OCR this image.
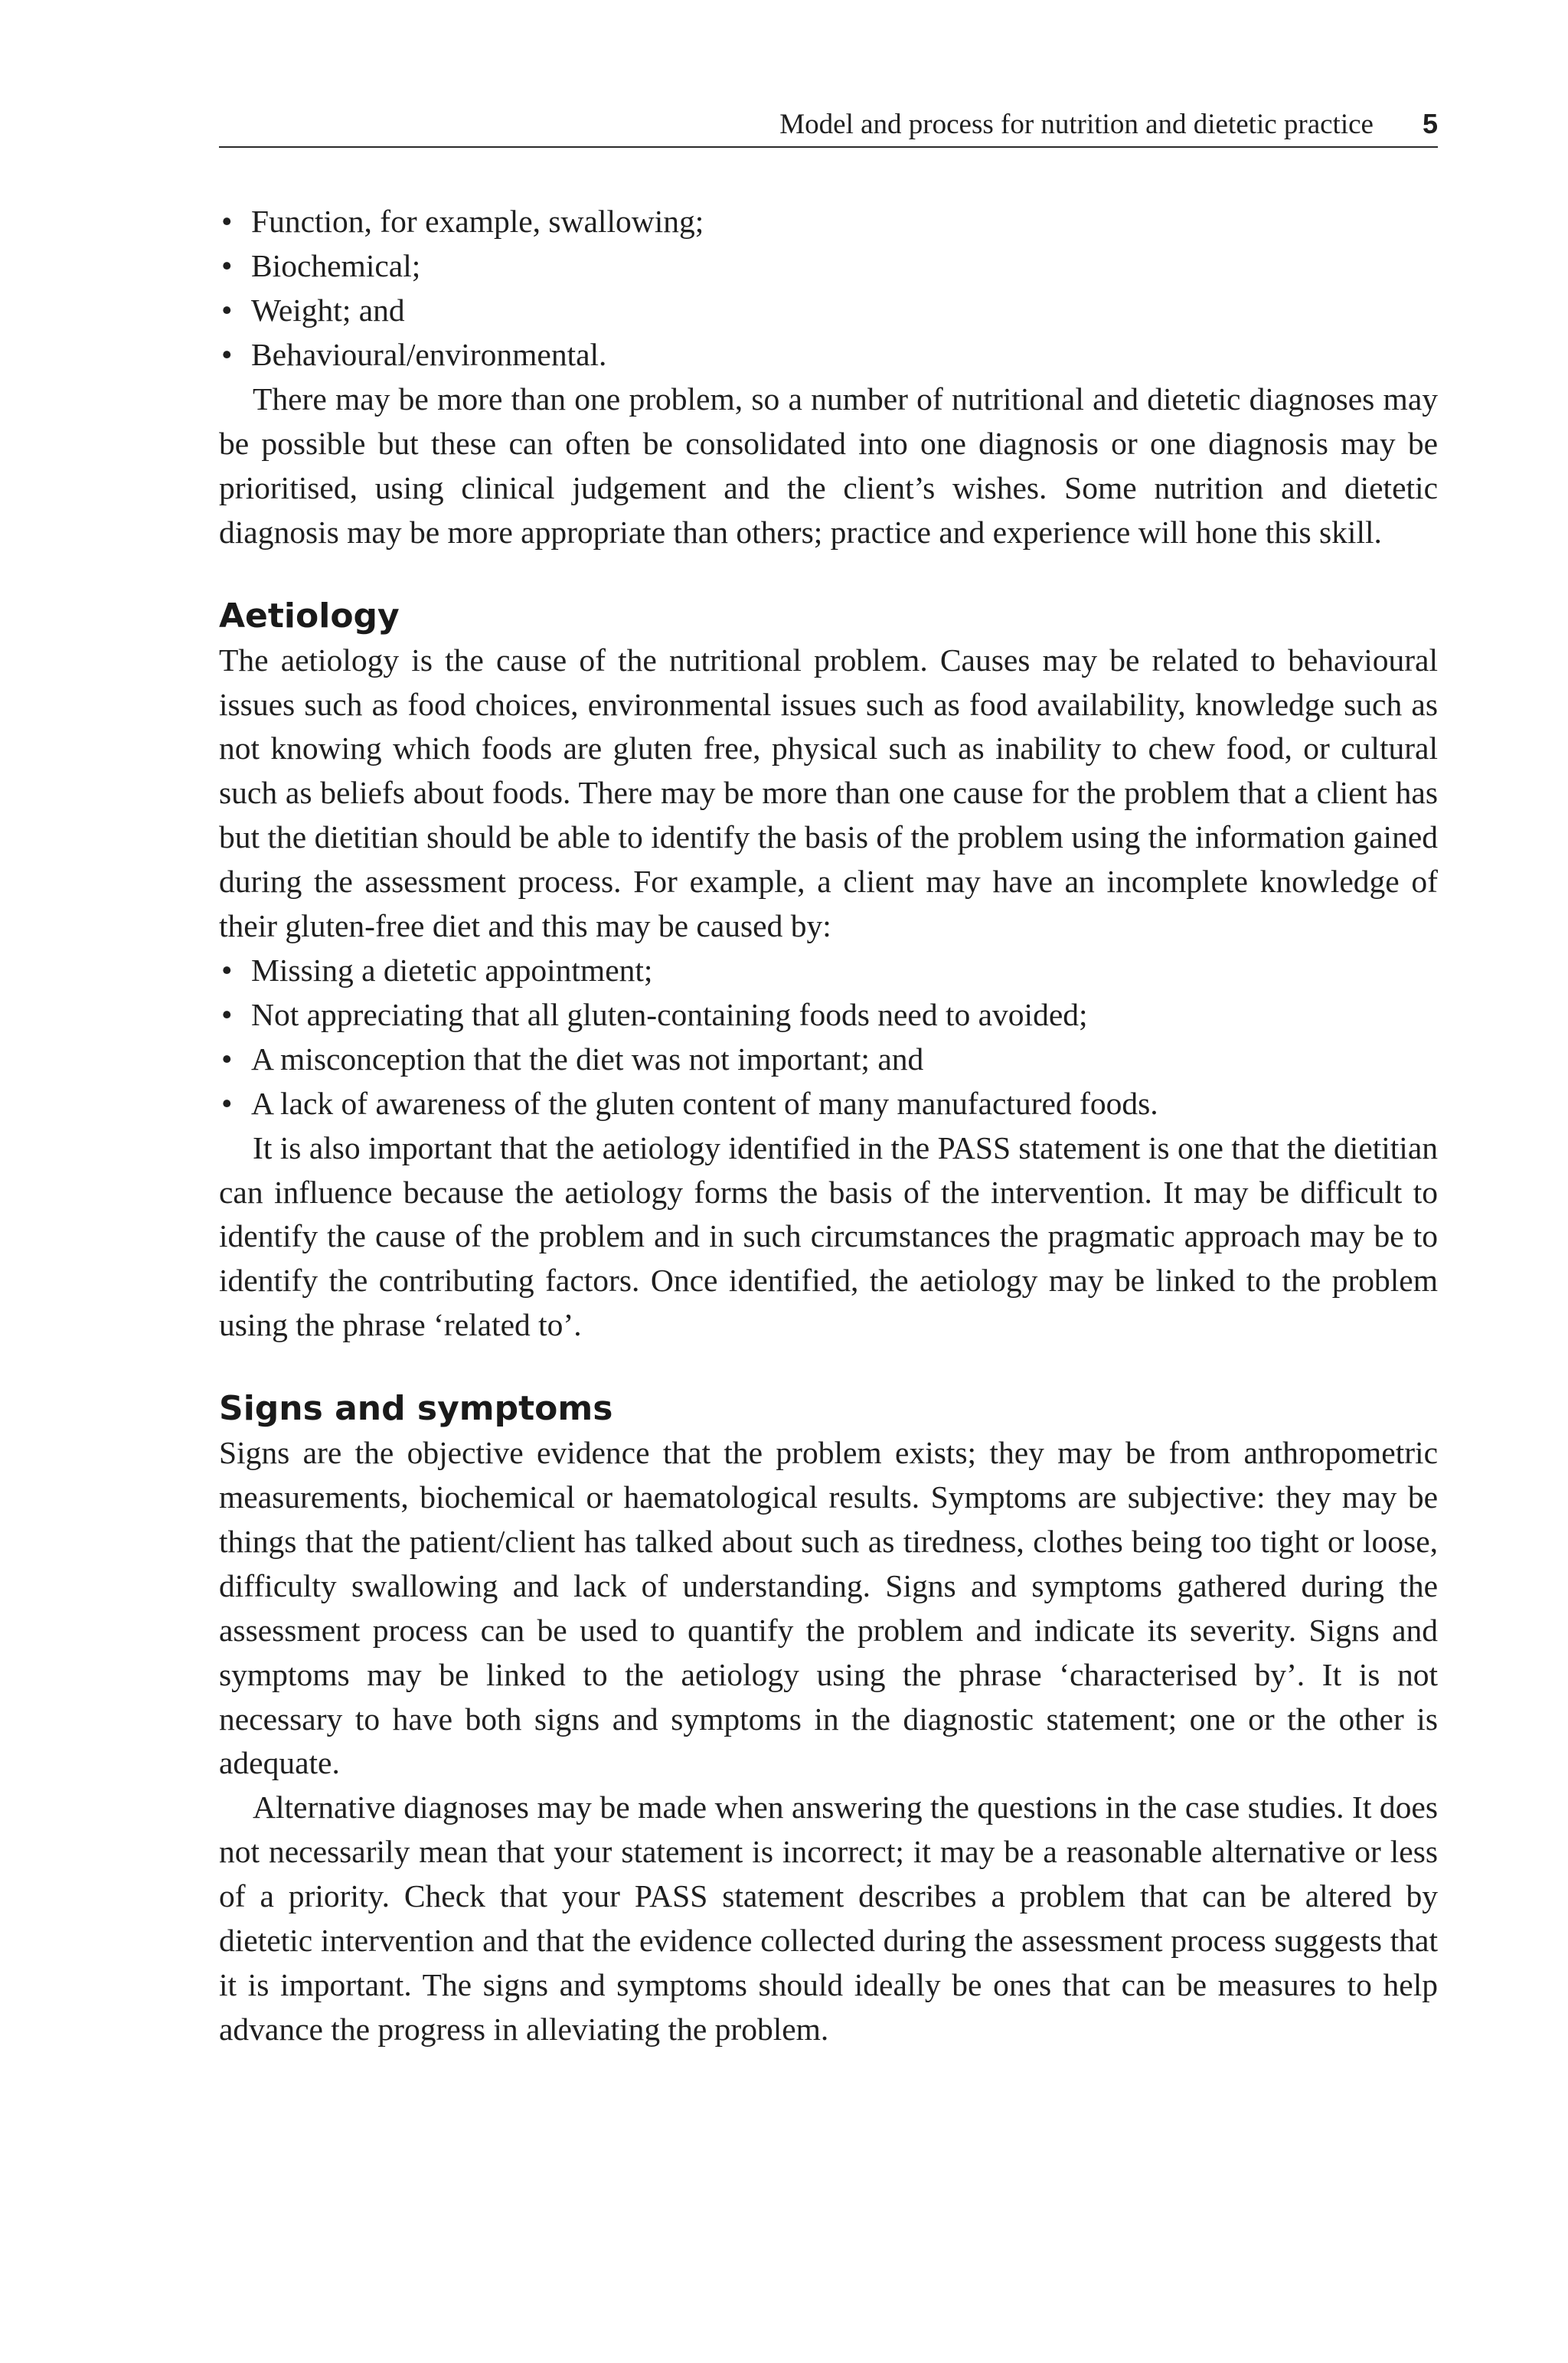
Model and process for nutrition and dietetic practice 5
• Function, for example, swallowing;
• Biochemical;
• Weight; and
• Behavioural/environmental.

There may be more than one problem, so a number of nutritional and dietetic diagnoses may be possible but these can often be consolidated into one diagnosis or one diagnosis may be prioritised, using clinical judgement and the client’s wishes. Some nutrition and dietetic diagnosis may be more appropriate than others; practice and experience will hone this skill.

Aetiology

The aetiology is the cause of the nutritional problem. Causes may be related to behavioural issues such as food choices, environmental issues such as food availability, knowledge such as not knowing which foods are gluten free, physical such as inability to chew food, or cultural such as beliefs about foods. There may be more than one cause for the problem that a client has but the dietitian should be able to identify the basis of the problem using the information gained during the assessment process. For example, a client may have an incomplete knowledge of their gluten-free diet and this may be caused by:

• Missing a dietetic appointment;
• Not appreciating that all gluten-containing foods need to avoided;
• A misconception that the diet was not important; and
• A lack of awareness of the gluten content of many manufactured foods.

It is also important that the aetiology identified in the PASS statement is one that the dietitian can influence because the aetiology forms the basis of the intervention. It may be difficult to identify the cause of the problem and in such circumstances the pragmatic approach may be to identify the contributing factors. Once identified, the aetiology may be linked to the problem using the phrase ‘related to’.

Signs and symptoms

Signs are the objective evidence that the problem exists; they may be from anthropometric measurements, biochemical or haematological results. Symptoms are subjective: they may be things that the patient/client has talked about such as tiredness, clothes being too tight or loose, difficulty swallowing and lack of understanding. Signs and symptoms gathered during the assessment process can be used to quantify the problem and indicate its severity. Signs and symptoms may be linked to the aetiology using the phrase ‘characterised by’. It is not necessary to have both signs and symptoms in the diagnostic statement; one or the other is adequate.

Alternative diagnoses may be made when answering the questions in the case studies. It does not necessarily mean that your statement is incorrect; it may be a reasonable alternative or less of a priority. Check that your PASS statement describes a problem that can be altered by dietetic intervention and that the evidence collected during the assessment process suggests that it is important. The signs and symptoms should ideally be ones that can be measures to help advance the progress in alleviating the problem.
